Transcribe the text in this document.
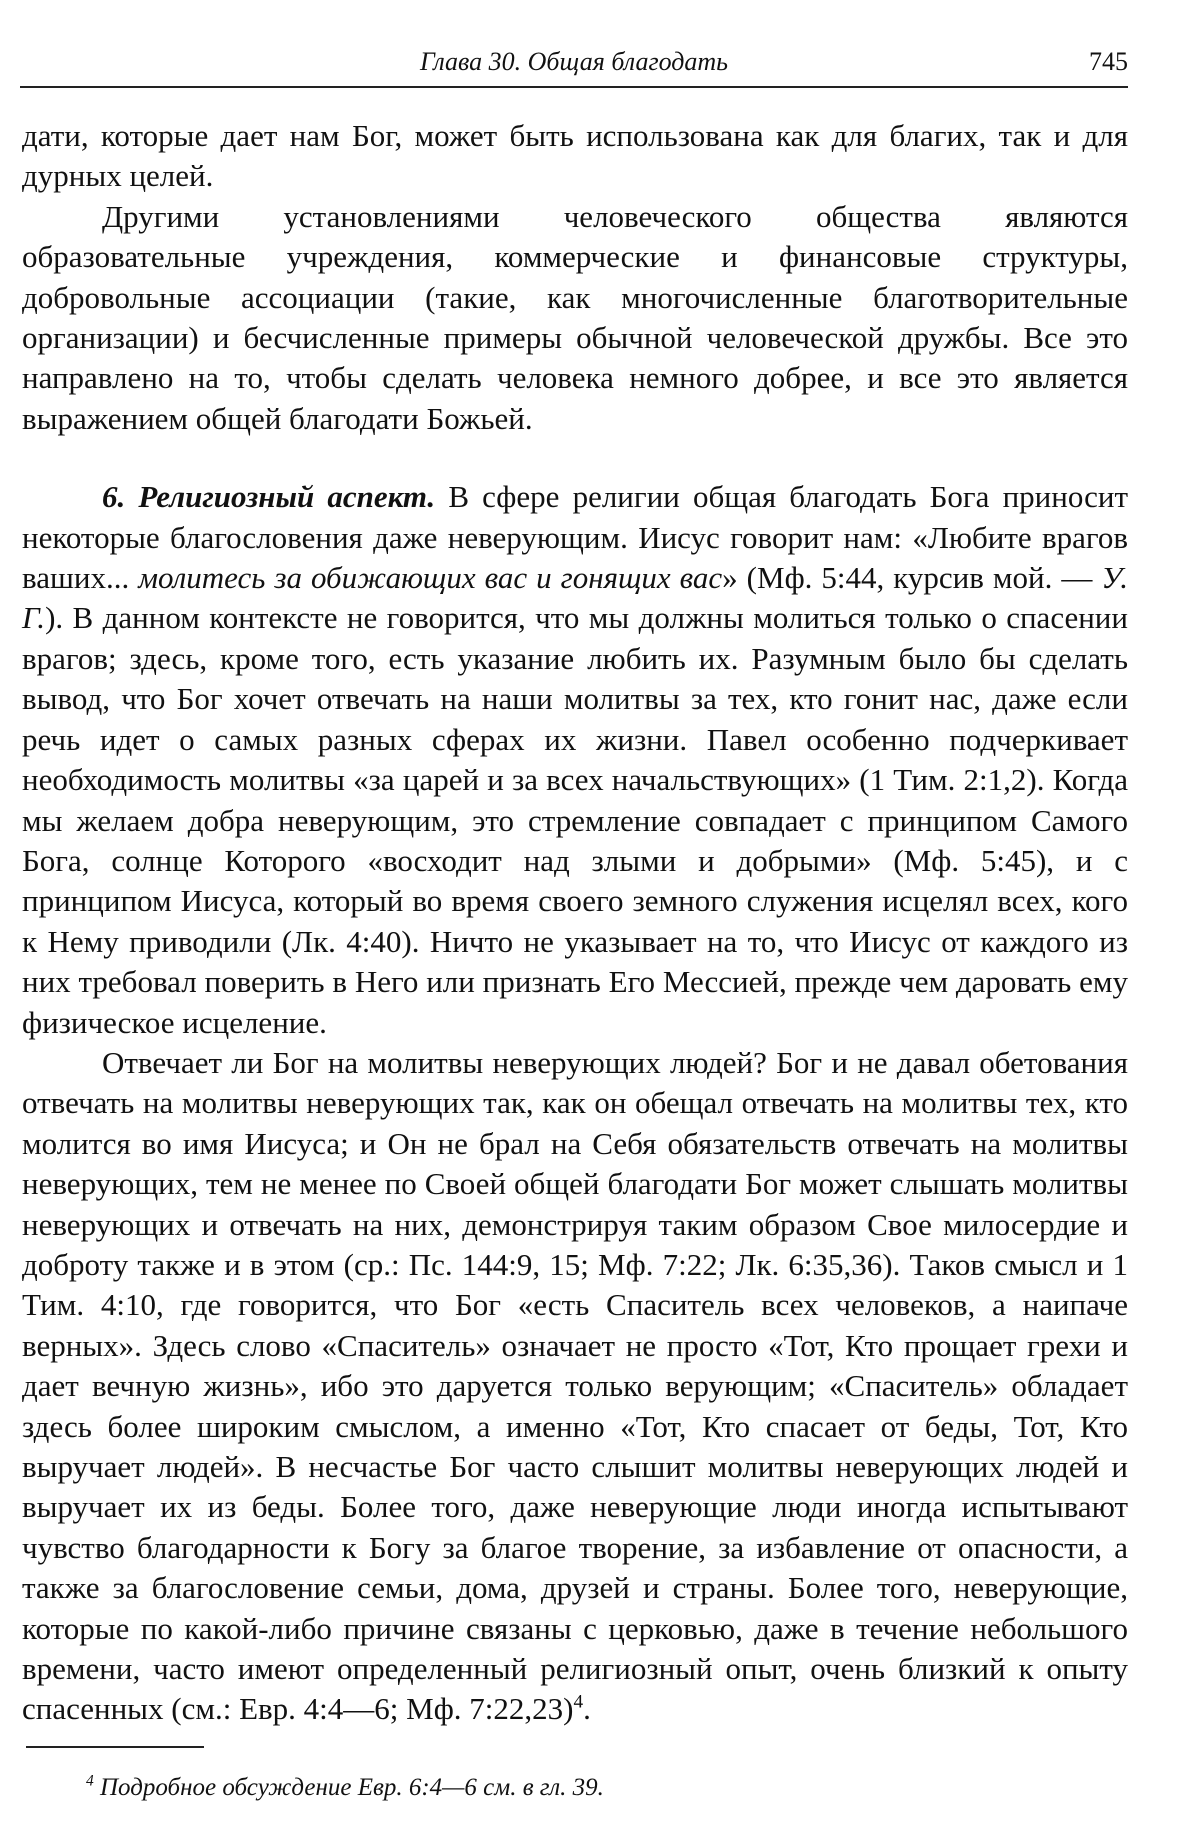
Глава 30. Общая благодать	745

дати, которые дает нам Бог, может быть использована как для благих, так и для дурных целей.

Другими установлениями человеческого общества являются образовательные учреждения, коммерческие и финансовые структуры, добровольные ассоциации (такие, как многочисленные благотворительные организации) и бесчисленные примеры обычной человеческой дружбы. Все это направлено на то, чтобы сделать человека немного добрее, и все это является выражением общей благодати Божьей.

6. Религиозный аспект. В сфере религии общая благодать Бога приносит некоторые благословения даже неверующим. Иисус говорит нам: «Любите врагов ваших... молитесь за обижающих вас и гонящих вас» (Мф. 5:44, курсив мой. — У. Г.). В данном контексте не говорится, что мы должны молиться только о спасении врагов; здесь, кроме того, есть указание любить их. Разумным было бы сделать вывод, что Бог хочет отвечать на наши молитвы за тех, кто гонит нас, даже если речь идет о самых разных сферах их жизни. Павел особенно подчеркивает необходимость молитвы «за царей и за всех начальствующих» (1 Тим. 2:1,2). Когда мы желаем добра неверующим, это стремление совпадает с принципом Самого Бога, солнце Которого «восходит над злыми и добрыми» (Мф. 5:45), и с принципом Иисуса, который во время своего земного служения исцелял всех, кого к Нему приводили (Лк. 4:40). Ничто не указывает на то, что Иисус от каждого из них требовал поверить в Него или признать Его Мессией, прежде чем даровать ему физическое исцеление.

Отвечает ли Бог на молитвы неверующих людей? Бог и не давал обетования отвечать на молитвы неверующих так, как он обещал отвечать на молитвы тех, кто молится во имя Иисуса; и Он не брал на Себя обязательств отвечать на молитвы неверующих, тем не менее по Своей общей благодати Бог может слышать молитвы неверующих и отвечать на них, демонстрируя таким образом Свое милосердие и доброту также и в этом (ср.: Пс. 144:9, 15; Мф. 7:22; Лк. 6:35,36). Таков смысл и 1 Тим. 4:10, где говорится, что Бог «есть Спаситель всех человеков, а наипаче верных». Здесь слово «Спаситель» означает не просто «Тот, Кто прощает грехи и дает вечную жизнь», ибо это даруется только верующим; «Спаситель» обладает здесь более широким смыслом, а именно «Тот, Кто спасает от беды, Тот, Кто выручает людей». В несчастье Бог часто слышит молитвы неверующих людей и выручает их из беды. Более того, даже неверующие люди иногда испытывают чувство благодарности к Богу за благое творение, за избавление от опасности, а также за благословение семьи, дома, друзей и страны. Более того, неверующие, которые по какой-либо причине связаны с церковью, даже в течение небольшого времени, часто имеют определенный религиозный опыт, очень близкий к опыту спасенных (см.: Евр. 4:4—6; Мф. 7:22,23)$^4$.

$^4$ Подробное обсуждение Евр. 6:4—6 см. в гл. 39.
